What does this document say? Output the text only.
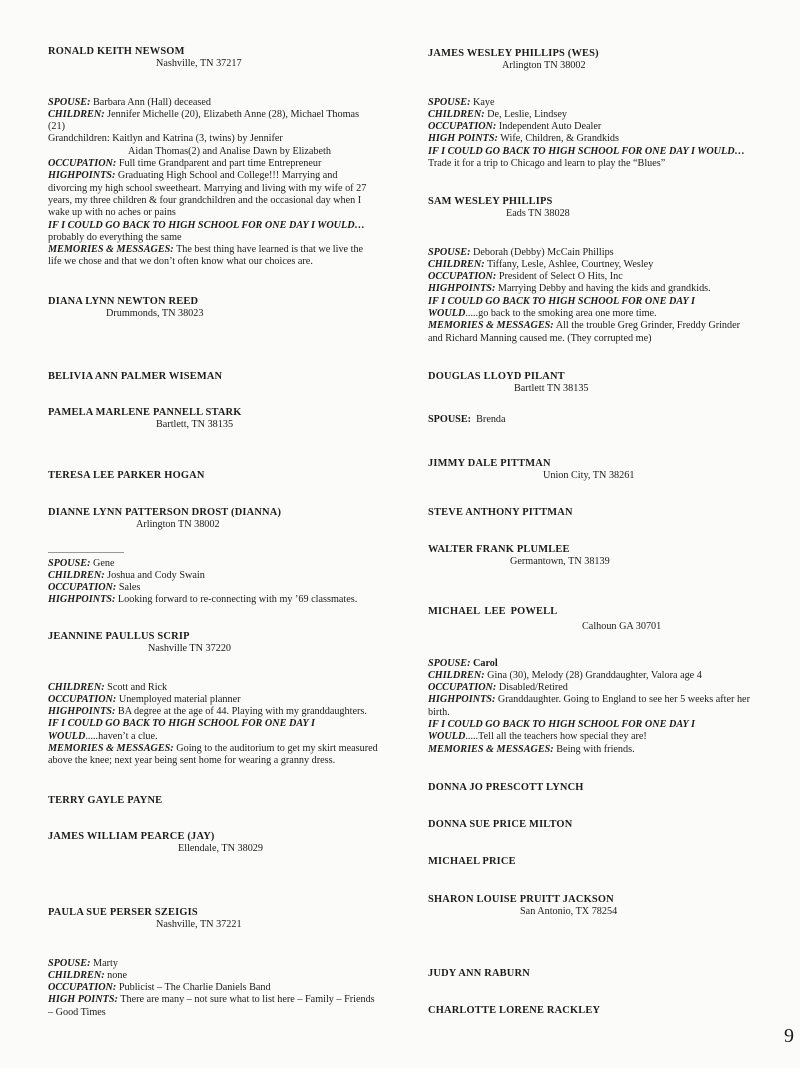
RONALD KEITH NEWSOM
Nashville, TN 37217
SPOUSE: Barbara Ann (Hall) deceased
CHILDREN: Jennifer Michelle (20), Elizabeth Anne (28), Michael Thomas
(21)
Grandchildren: Kaitlyn and Katrina (3, twins) by Jennifer
Aidan Thomas(2) and Analise Dawn by Elizabeth
OCCUPATION: Full time Grandparent and part time Entrepreneur
HIGHPOINTS: Graduating High School and College!!! Marrying and
divorcing my high school sweetheart. Marrying and living with my wife of 27
years, my three children & four grandchildren and the occasional day when I
wake up with no aches or pains
IF I COULD GO BACK TO HIGH SCHOOL FOR ONE DAY I WOULD…
probably do everything the same
MEMORIES & MESSAGES: The best thing have learned is that we live the
life we chose and that we don’t often know what our choices are.
DIANA LYNN NEWTON REED
Drummonds, TN 38023
BELIVIA ANN PALMER WISEMAN
PAMELA MARLENE PANNELL STARK
Bartlett, TN 38135
TERESA LEE PARKER HOGAN
DIANNE LYNN PATTERSON DROST (DIANNA)
Arlington TN 38002
SPOUSE: Gene
CHILDREN: Joshua and Cody Swain
OCCUPATION: Sales
HIGHPOINTS: Looking forward to re-connecting with my ’69 classmates.
JEANNINE PAULLUS SCRIP
Nashville TN 37220
CHILDREN: Scott and Rick
OCCUPATION: Unemployed material planner
HIGHPOINTS: BA degree at the age of 44. Playing with my granddaughters.
IF I COULD GO BACK TO HIGH SCHOOL FOR ONE DAY I
WOULD.....haven’t a clue.
MEMORIES & MESSAGES: Going to the auditorium to get my skirt measured
above the knee; next year being sent home for wearing a granny dress.
TERRY GAYLE PAYNE
JAMES WILLIAM PEARCE (JAY)
Ellendale, TN 38029
PAULA SUE PERSER SZEIGIS
Nashville, TN 37221
SPOUSE: Marty
CHILDREN: none
OCCUPATION: Publicist – The Charlie Daniels Band
HIGH POINTS: There are many – not sure what to list here – Family – Friends
– Good Times
JAMES WESLEY PHILLIPS (WES)
Arlington TN 38002
SPOUSE: Kaye
CHILDREN: De, Leslie, Lindsey
OCCUPATION: Independent Auto Dealer
HIGH POINTS: Wife, Children, & Grandkids
IF I COULD GO BACK TO HIGH SCHOOL FOR ONE DAY I WOULD…
Trade it for a trip to Chicago and learn to play the “Blues”
SAM WESLEY PHILLIPS
Eads TN 38028
SPOUSE: Deborah (Debby) McCain Phillips
CHILDREN: Tiffany, Lesle, Ashlee, Courtney, Wesley
OCCUPATION: President of Select O Hits, Inc
HIGHPOINTS: Marrying Debby and having the kids and grandkids.
IF I COULD GO BACK TO HIGH SCHOOL FOR ONE DAY I
WOULD.....go back to the smoking area one more time.
MEMORIES & MESSAGES: All the trouble Greg Grinder, Freddy Grinder
and Richard Manning caused me. (They corrupted me)
DOUGLAS LLOYD PILANT
Bartlett TN 38135
SPOUSE: Brenda
JIMMY DALE PITTMAN
Union City, TN 38261
STEVE ANTHONY PITTMAN
WALTER FRANK PLUMLEE
Germantown, TN 38139
MICHAEL LEE POWELL
Calhoun GA 30701
SPOUSE: Carol
CHILDREN: Gina (30), Melody (28) Granddaughter, Valora age 4
OCCUPATION: Disabled/Retired
HIGHPOINTS: Granddaughter. Going to England to see her 5 weeks after her
birth.
IF I COULD GO BACK TO HIGH SCHOOL FOR ONE DAY I
WOULD.....Tell all the teachers how special they are!
MEMORIES & MESSAGES: Being with friends.
DONNA JO PRESCOTT LYNCH
DONNA SUE PRICE MILTON
MICHAEL PRICE
SHARON LOUISE PRUITT JACKSON
San Antonio, TX 78254
JUDY ANN RABURN
CHARLOTTE LORENE RACKLEY
9
